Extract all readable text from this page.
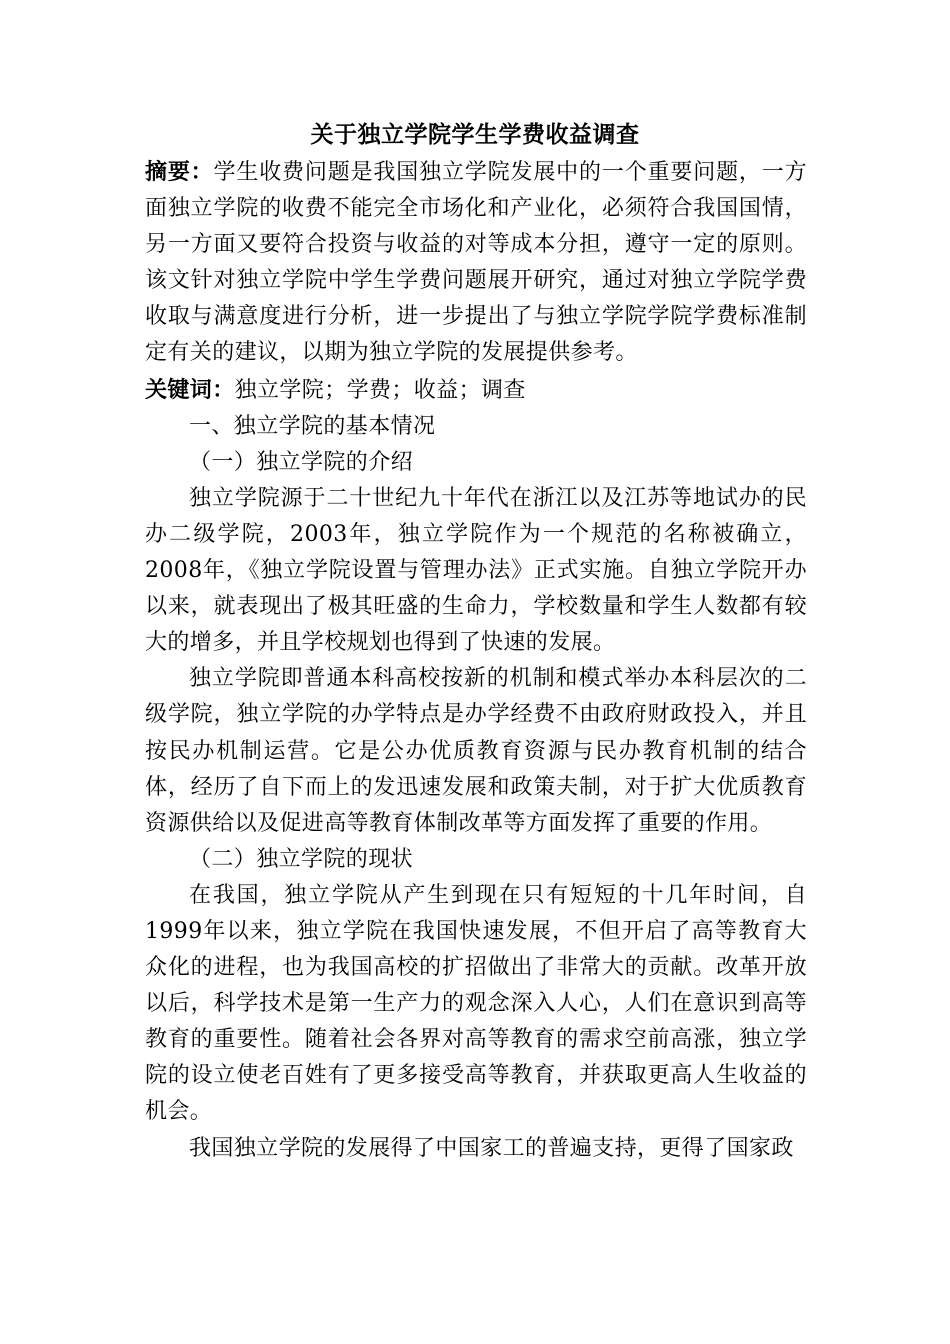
关于独立学院学生学费收益调查

摘要：学生收费问题是我国独立学院发展中的一个重要问题，一方面独立学院的收费不能完全市场化和产业化，必须符合我国国情，另一方面又要符合投资与收益的对等成本分担，遵守一定的原则。该文针对独立学院中学生学费问题展开研究，通过对独立学院学费收取与满意度进行分析，进一步提出了与独立学院学院学费标准制定有关的建议，以期为独立学院的发展提供参考。

关键词：独立学院；学费；收益；调查

一、独立学院的基本情况

（一）独立学院的介绍

独立学院源于二十世纪九十年代在浙江以及江苏等地试办的民办二级学院，2003年，独立学院作为一个规范的名称被确立，2008年，《独立学院设置与管理办法》正式实施。自独立学院开办以来，就表现出了极其旺盛的生命力，学校数量和学生人数都有较大的增多，并且学校规划也得到了快速的发展。

独立学院即普通本科高校按新的机制和模式举办本科层次的二级学院，独立学院的办学特点是办学经费不由政府财政投入，并且按民办机制运营。它是公办优质教育资源与民办教育机制的结合体，经历了自下而上的发迅速发展和政策夫制，对于扩大优质教育资源供给以及促进高等教育体制改革等方面发挥了重要的作用。

（二）独立学院的现状

在我国，独立学院从产生到现在只有短短的十几年时间，自1999年以来，独立学院在我国快速发展，不但开启了高等教育大众化的进程，也为我国高校的扩招做出了非常大的贡献。改革开放以后，科学技术是第一生产力的观念深入人心，人们在意识到高等教育的重要性。随着社会各界对高等教育的需求空前高涨，独立学院的设立使老百姓有了更多接受高等教育，并获取更高人生收益的机会。

我国独立学院的发展得了中国家工的普遍支持，更得了国家政
